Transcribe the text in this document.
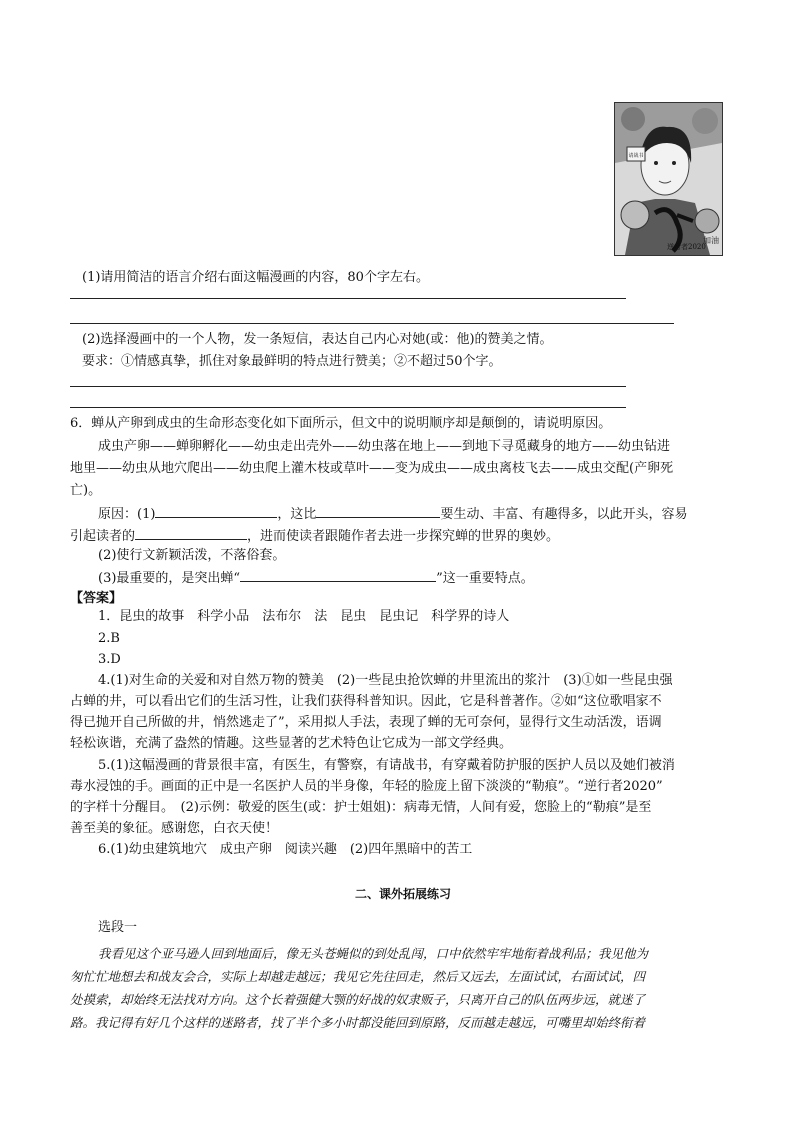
请战书
加油
逆行者2020
(1)请用简洁的语言介绍右面这幅漫画的内容，80个字左右。
(2)选择漫画中的一个人物，发一条短信，表达自己内心对她(或：他)的赞美之情。
要求：①情感真挚，抓住对象最鲜明的特点进行赞美；②不超过50个字。
6．蝉从产卵到成虫的生命形态变化如下面所示，但文中的说明顺序却是颠倒的，请说明原因。
成虫产卵——蝉卵孵化——幼虫走出壳外——幼虫落在地上——到地下寻觅藏身的地方——幼虫钻进
地里——幼虫从地穴爬出——幼虫爬上灌木枝或草叶——变为成虫——成虫离枝飞去——成虫交配(产卵死
亡)。
原因：(1)	，这比	要生动、丰富、有趣得多，以此开头，容易
引起读者的	，进而使读者跟随作者去进一步探究蝉的世界的奥妙。
(2)使行文新颖活泼，不落俗套。
(3)最重要的，是突出蝉“	”这一重要特点。
【答案】
1．昆虫的故事　科学小品　法布尔　法　昆虫　昆虫记　科学界的诗人
2.B
3.D
4.(1)对生命的关爱和对自然万物的赞美　(2)一些昆虫抢饮蝉的井里流出的浆汁　(3)①如一些昆虫强
占蝉的井，可以看出它们的生活习性，让我们获得科普知识。因此，它是科普著作。②如“这位歌唱家不
得已抛开自己所做的井，悄然逃走了”，采用拟人手法，表现了蝉的无可奈何，显得行文生动活泼，语调
轻松诙谐，充满了盎然的情趣。这些显著的艺术特色让它成为一部文学经典。
5.(1)这幅漫画的背景很丰富，有医生，有警察，有请战书，有穿戴着防护服的医护人员以及她们被消
毒水浸蚀的手。画面的正中是一名医护人员的半身像，年轻的脸庞上留下淡淡的“勒痕”。“逆行者2020”
的字样十分醒目。　(2)示例：敬爱的医生(或：护士姐姐)：病毒无情，人间有爱，您脸上的“勒痕”是至
善至美的象征。感谢您，白衣天使！
6.(1)幼虫建筑地穴　成虫产卵　阅读兴趣　(2)四年黑暗中的苦工
二、课外拓展练习
选段一
我看见这个亚马逊人回到地面后，像无头苍蝇似的到处乱闯，口中依然牢牢地衔着战利品；我见他为
匆忙忙地想去和战友会合，实际上却越走越远；我见它先往回走，然后又远去，左面试试，右面试试，四
处摸索，却始终无法找对方向。这个长着强健大颚的好战的奴隶贩子，只离开自己的队伍两步远，就迷了
路。我记得有好几个这样的迷路者，找了半个多小时都没能回到原路，反而越走越远，可嘴里却始终衔着
